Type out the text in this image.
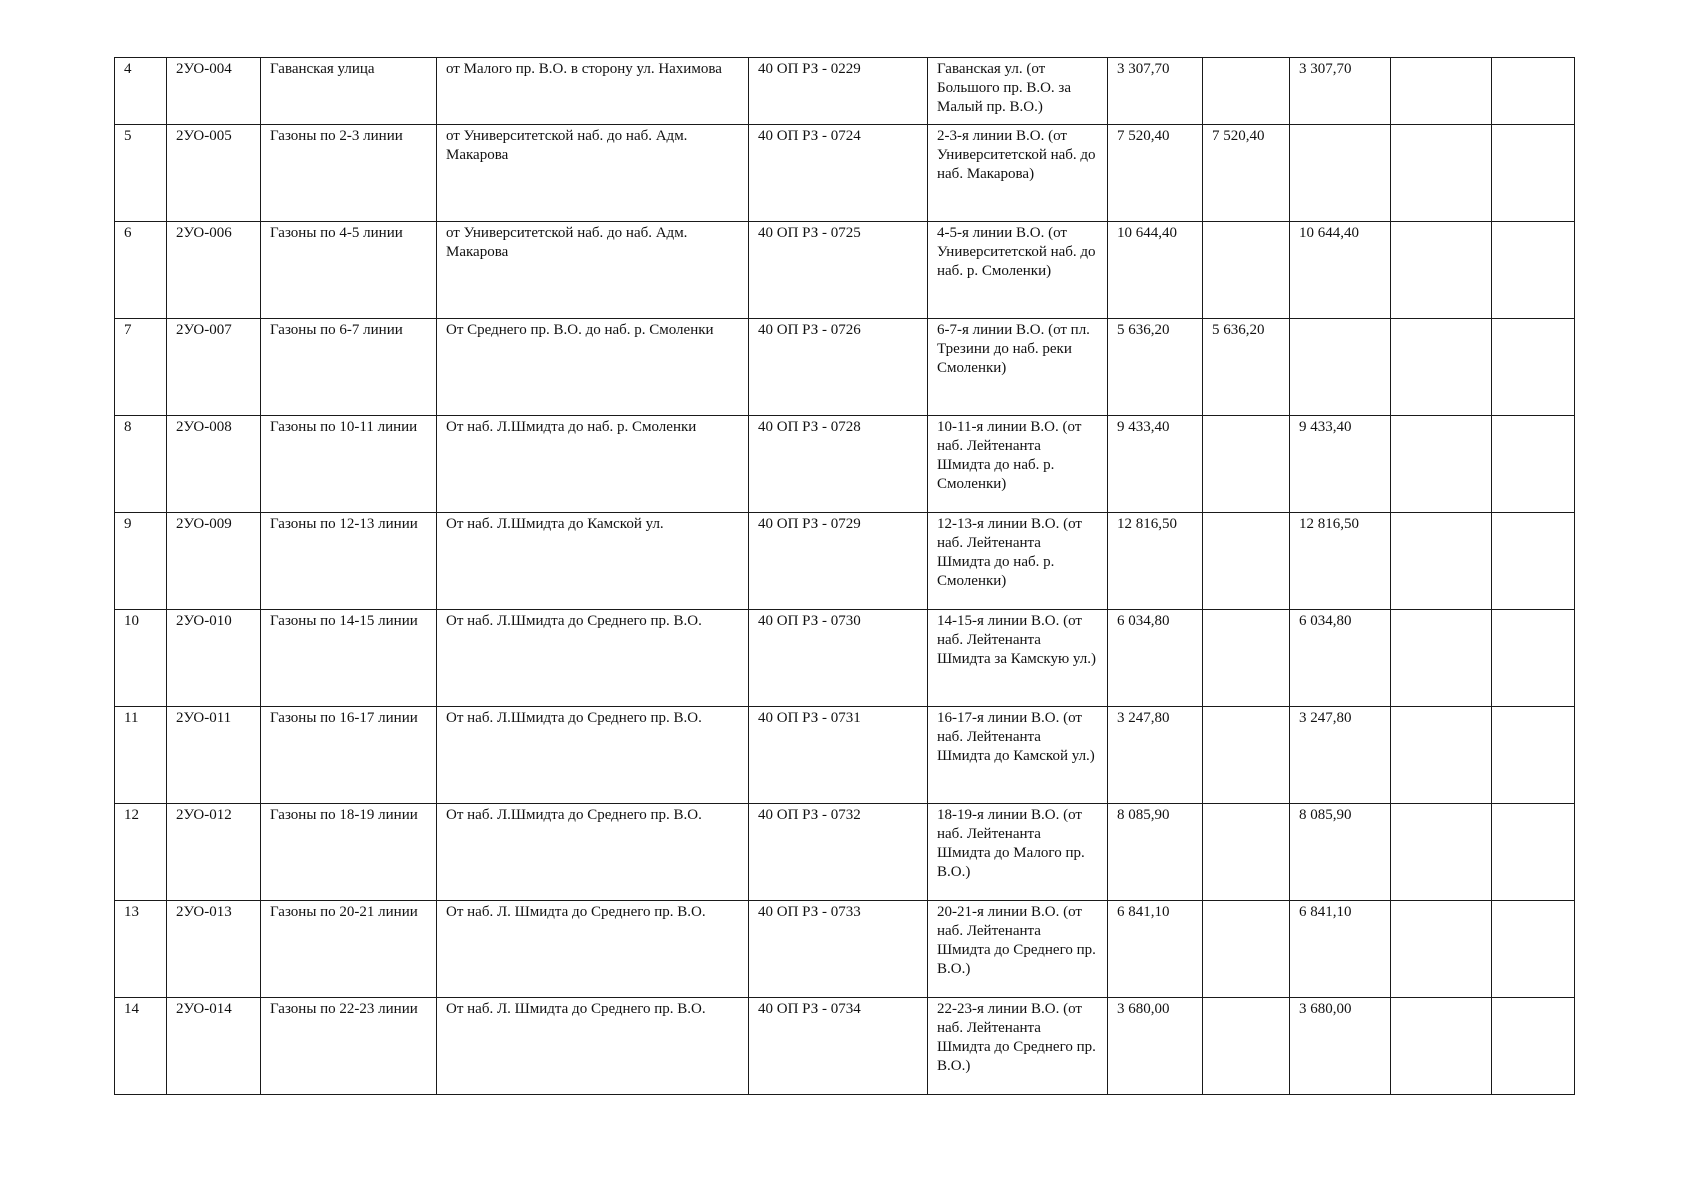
4	2УО-004	Гаванская улица	от Малого пр. В.О. в сторону ул. Нахимова	40 ОП РЗ - 0229	Гаванская ул. (от Большого пр. В.О. за Малый пр. В.О.)	3 307,70		3 307,70		
5	2УО-005	Газоны по 2-3 линии	от Университетской наб. до наб. Адм. Макарова	40 ОП РЗ - 0724	2-3-я линии В.О. (от Университетской наб. до наб. Макарова)	7 520,40	7 520,40			
6	2УО-006	Газоны по 4-5 линии	от Университетской наб. до наб. Адм. Макарова	40 ОП РЗ - 0725	4-5-я линии В.О. (от Университетской наб. до наб. р. Смоленки)	10 644,40		10 644,40		
7	2УО-007	Газоны по 6-7 линии	От Среднего пр. В.О. до наб. р. Смоленки	40 ОП РЗ - 0726	6-7-я линии В.О. (от пл. Трезини до наб. реки Смоленки)	5 636,20	5 636,20			
8	2УО-008	Газоны по 10-11 линии	От наб. Л.Шмидта до наб. р. Смоленки	40 ОП РЗ - 0728	10-11-я линии В.О. (от наб. Лейтенанта Шмидта до наб. р. Смоленки)	9 433,40		9 433,40		
9	2УО-009	Газоны по 12-13 линии	От наб. Л.Шмидта до Камской ул.	40 ОП РЗ - 0729	12-13-я линии В.О. (от наб. Лейтенанта Шмидта до наб. р. Смоленки)	12 816,50		12 816,50		
10	2УО-010	Газоны по 14-15 линии	От наб. Л.Шмидта до Среднего пр. В.О.	40 ОП РЗ - 0730	14-15-я линии В.О. (от наб. Лейтенанта Шмидта за Камскую ул.)	6 034,80		6 034,80		
11	2УО-011	Газоны по 16-17 линии	От наб. Л.Шмидта до Среднего пр. В.О.	40 ОП РЗ - 0731	16-17-я линии В.О. (от наб. Лейтенанта Шмидта до Камской ул.)	3 247,80		3 247,80		
12	2УО-012	Газоны по 18-19 линии	От наб. Л.Шмидта до Среднего пр. В.О.	40 ОП РЗ - 0732	18-19-я линии В.О. (от наб. Лейтенанта Шмидта до Малого пр. В.О.)	8 085,90		8 085,90		
13	2УО-013	Газоны по 20-21 линии	От наб. Л. Шмидта до Среднего пр. В.О.	40 ОП РЗ - 0733	20-21-я линии В.О. (от наб. Лейтенанта Шмидта до Среднего пр. В.О.)	6 841,10		6 841,10		
14	2УО-014	Газоны по 22-23 линии	От наб. Л. Шмидта до Среднего пр. В.О.	40 ОП РЗ - 0734	22-23-я линии В.О. (от наб. Лейтенанта Шмидта до Среднего пр. В.О.)	3 680,00		3 680,00		
